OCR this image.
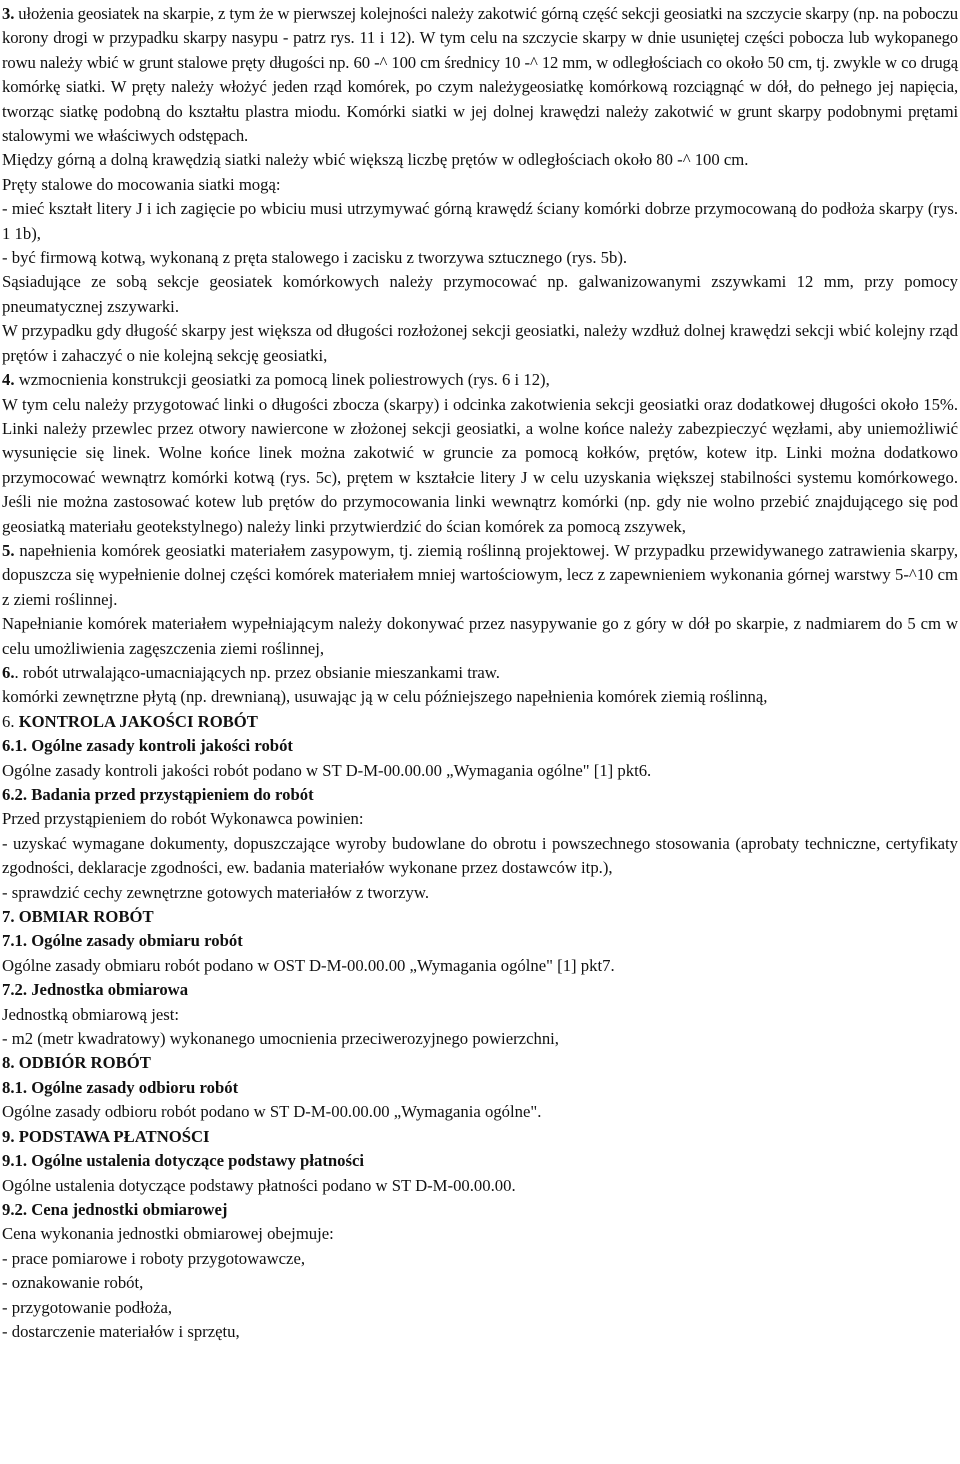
3. ułożenia geosiatek na skarpie, z tym że w pierwszej kolejności należy zakotwić górną część sekcji geosiatki na szczycie skarpy (np. na poboczu korony drogi w przypadku skarpy nasypu - patrz rys. 11 i 12). W tym celu na szczycie skarpy w dnie usuniętej części pobocza lub wykopanego rowu należy wbić w grunt stalowe pręty długości np. 60 -^ 100 cm średnicy 10 -^ 12 mm, w odległościach co około 50 cm, tj. zwykle w co drugą komórkę siatki. W pręty należy włożyć jeden rząd komórek, po czym należygeosiatkę komórkową rozciągnąć w dół, do pełnego jej napięcia, tworząc siatkę podobną do kształtu plastra miodu. Komórki siatki w jej dolnej krawędzi należy zakotwić w grunt skarpy podobnymi prętami stalowymi we właściwych odstępach.

Między górną a dolną krawędzią siatki należy wbić większą liczbę prętów w odległościach około 80 -^ 100 cm.

Pręty stalowe do mocowania siatki mogą:

- mieć kształt litery J i ich zagięcie po wbiciu musi utrzymywać górną krawędź ściany komórki dobrze przymocowaną do podłoża skarpy (rys. 1 1b),

- być firmową kotwą, wykonaną z pręta stalowego i zacisku z tworzywa sztucznego (rys. 5b).

Sąsiadujące ze sobą sekcje geosiatek komórkowych należy przymocować np. galwanizowanymi zszywkami 12 mm, przy pomocy pneumatycznej zszywarki.

W przypadku gdy długość skarpy jest większa od długości rozłożonej sekcji geosiatki, należy wzdłuż dolnej krawędzi sekcji wbić kolejny rząd prętów i zahaczyć o nie kolejną sekcję geosiatki,

4. wzmocnienia konstrukcji geosiatki za pomocą linek poliestrowych (rys. 6 i 12),

W tym celu należy przygotować linki o długości zbocza (skarpy) i odcinka zakotwienia sekcji geosiatki oraz dodatkowej długości około 15%. Linki należy przewlec przez otwory nawiercone w złożonej sekcji geosiatki, a wolne końce należy zabezpieczyć węzłami, aby uniemożliwić wysunięcie się linek. Wolne końce linek można zakotwić w gruncie za pomocą kołków, prętów, kotew itp. Linki można dodatkowo przymocować wewnątrz komórki kotwą (rys. 5c), prętem w kształcie litery J w celu uzyskania większej stabilności systemu komórkowego. Jeśli nie można zastosować kotew lub prętów do przymocowania linki wewnątrz komórki (np. gdy nie wolno przebić znajdującego się pod geosiatką materiału geotekstylnego) należy linki przytwierdzić do ścian komórek za pomocą zszywek,

5. napełnienia komórek geosiatki materiałem zasypowym, tj. ziemią roślinną projektowej. W przypadku przewidywanego zatrawienia skarpy, dopuszcza się wypełnienie dolnej części komórek materiałem mniej wartościowym, lecz z zapewnieniem wykonania górnej warstwy 5-^10 cm z ziemi roślinnej.

Napełnianie komórek materiałem wypełniającym należy dokonywać przez nasypywanie go z góry w dół po skarpie, z nadmiarem do 5 cm w celu umożliwienia zagęszczenia ziemi roślinnej,

6.. robót utrwalająco-umacniających np. przez obsianie mieszankami traw.

komórki zewnętrzne płytą (np. drewnianą), usuwając ją w celu późniejszego napełnienia komórek ziemią roślinną,

6. KONTROLA JAKOŚCI ROBÓT
6.1. Ogólne zasady kontroli jakości robót

Ogólne zasady kontroli jakości robót podano w ST D-M-00.00.00 „Wymagania ogólne" [1] pkt6.

6.2. Badania przed przystąpieniem do robót

Przed przystąpieniem do robót Wykonawca powinien:

- uzyskać wymagane dokumenty, dopuszczające wyroby budowlane do obrotu i powszechnego stosowania (aprobaty techniczne, certyfikaty zgodności, deklaracje zgodności, ew. badania materiałów wykonane przez dostawców itp.),

- sprawdzić cechy zewnętrzne gotowych materiałów z tworzyw.

7. OBMIAR ROBÓT
7.1. Ogólne zasady obmiaru robót

Ogólne zasady obmiaru robót podano w OST D-M-00.00.00 „Wymagania ogólne" [1] pkt7.

7.2. Jednostka obmiarowa

Jednostką obmiarową jest:

- m2 (metr kwadratowy) wykonanego umocnienia przeciwerozyjnego powierzchni,

8. ODBIÓR ROBÓT
8.1. Ogólne zasady odbioru robót

Ogólne zasady odbioru robót podano w ST D-M-00.00.00 „Wymagania ogólne".

9. PODSTAWA PŁATNOŚCI
9.1. Ogólne ustalenia dotyczące podstawy płatności

Ogólne ustalenia dotyczące podstawy płatności podano w ST D-M-00.00.00.

9.2. Cena jednostki obmiarowej

Cena wykonania jednostki obmiarowej obejmuje:

- prace pomiarowe i roboty przygotowawcze,

- oznakowanie robót,

- przygotowanie podłoża,

- dostarczenie materiałów i sprzętu,
